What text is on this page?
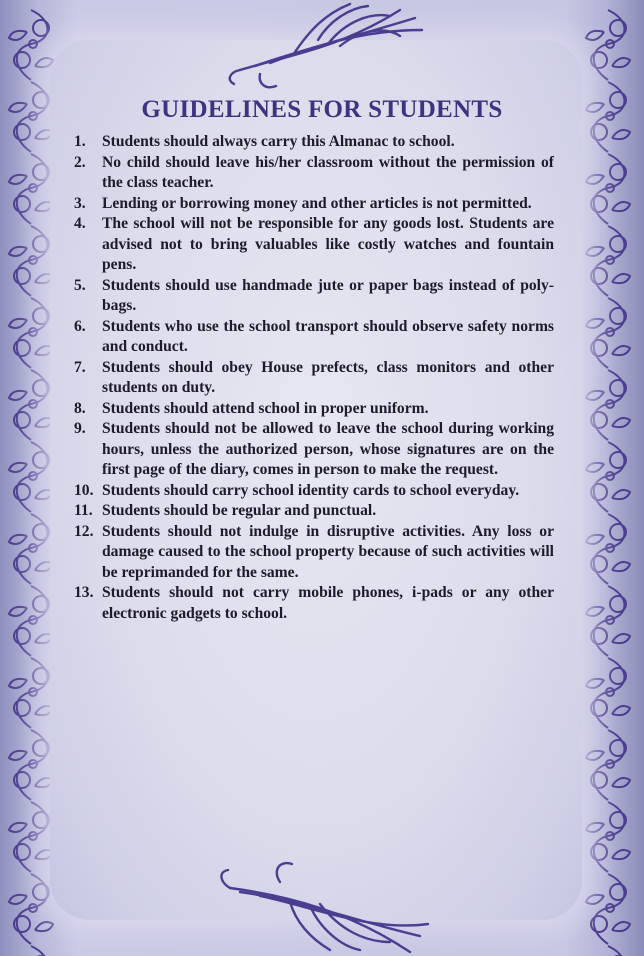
GUIDELINES FOR STUDENTS
1.	Students should always carry this Almanac to school.
2.	No child should leave his/her classroom without the permission of the class teacher.
3.	Lending or borrowing money and other articles is not permitted.
4.	The school will not be responsible for any goods lost. Students are advised not to bring valuables like costly watches and fountain pens.
5.	Students should use handmade jute or paper bags instead of poly-bags.
6.	Students who use the school transport should observe safety norms and conduct.
7.	Students should obey House prefects, class monitors and other students on duty.
8.	Students should attend school in proper uniform.
9.	Students should not be allowed to leave the school during working hours, unless the authorized person, whose signatures are on the first page of the diary, comes in person to make the request.
10. Students should carry school identity cards to school everyday.
11. Students should be regular and punctual.
12. Students should not indulge in disruptive activities. Any loss or damage caused to the school property because of such activities will be reprimanded for the same.
13. Students should not carry mobile phones, i-pads or any other electronic gadgets to school.
